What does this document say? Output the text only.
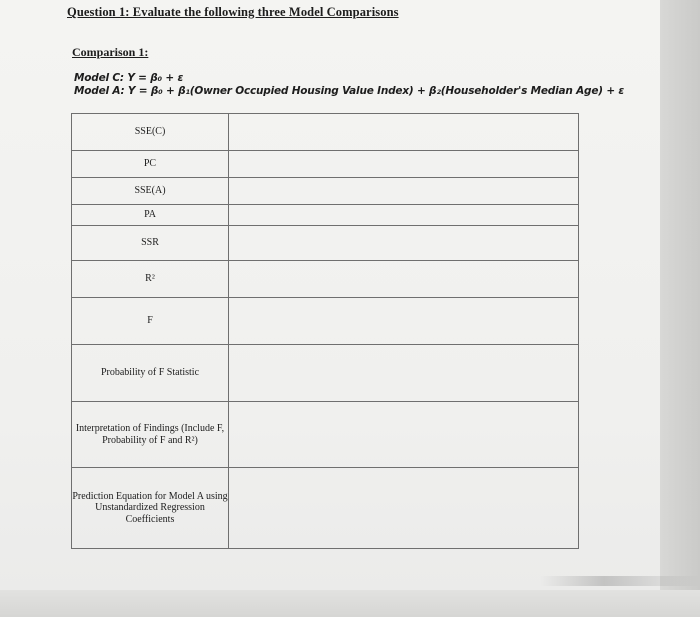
Question 1: Evaluate the following three Model Comparisons
Comparison 1:
Model C: Y = β₀ + ε
Model A: Y = β₀ + β₁(Owner Occupied Housing Value Index) + β₂(Householder's Median Age) + ε
SSE(C)	
PC	
SSE(A)	
PA	
SSR	
R²	
F	
Probability of F Statistic	
Interpretation of Findings (Include F, Probability of F and R²)	
Prediction Equation for Model A using Unstandardized Regression Coefficients	
